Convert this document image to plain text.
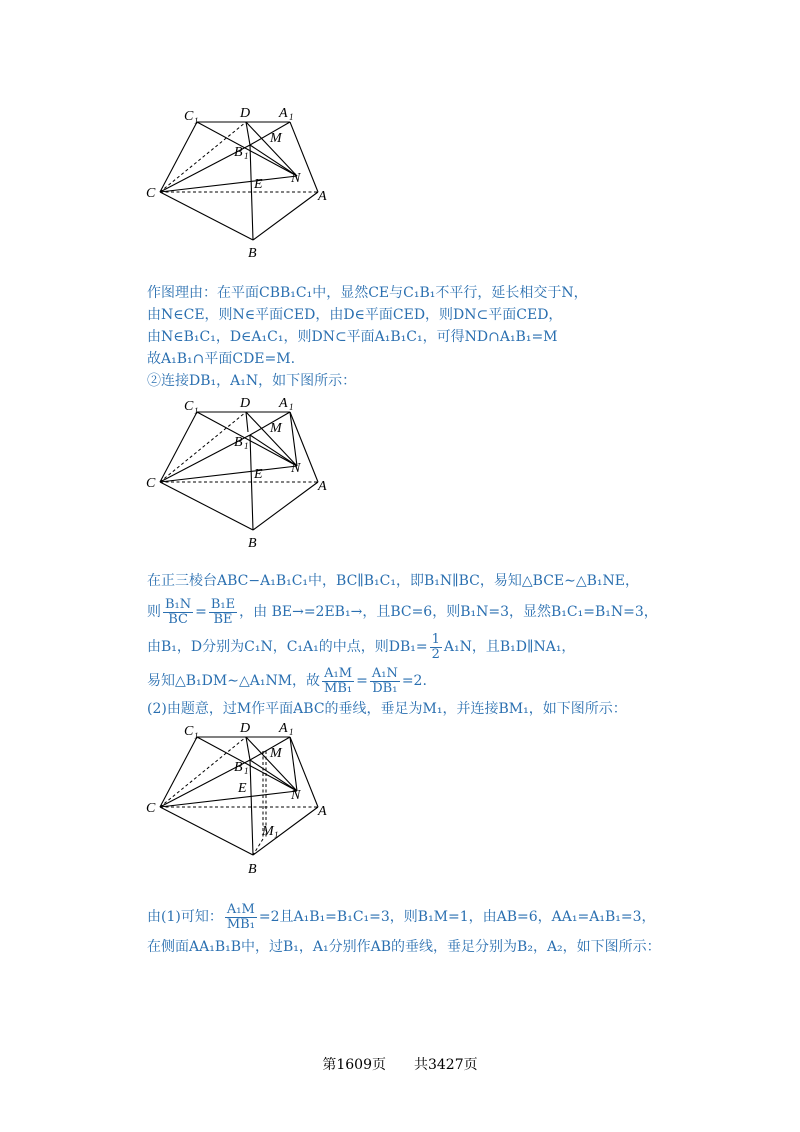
C 1	D A 1
B 1
M
N
C
E
A
B
作图理由：在平面CBB₁C₁中，显然CE与C₁B₁不平行，延长相交于N，
由N∈CE，则N∈平面CED，由D∈平面CED，则DN⊂平面CED，
由N∈B₁C₁，D∈A₁C₁，则DN⊂平面A₁B₁C₁，可得ND∩A₁B₁=M
故A₁B₁∩平面CDE=M.
②连接DB₁，A₁N，如下图所示：
C 1	D A 1
B 1
M
N
C
E
A
B
在正三棱台ABC−A₁B₁C₁中，BC∥B₁C₁，即B₁N∥BC，易知△BCE∼△B₁NE，
则 $\frac{\text{B₁N}}{BC} = \frac{\text{B₁E}}{BE}$ ，由 BE→=2EB₁→，且BC=6，则B₁N=3，显然B₁C₁=B₁N=3，
由B₁，D分别为C₁N，C₁A₁的中点，则$DB_1= \frac{1}{2} A_1N$，且B₁D∥NA₁，
易知△B₁DM∼△A₁NM，故 $\frac{\text{A₁M}}{\text{MB₁}} = \frac{\text{A₁N}}{\text{DB₁}} =2$.
(2)由题意，过M作平面ABC的垂线，垂足为M₁，并连接BM₁，如下图所示：
C 1	D A 1
B 1
M
N
C
E
A
M 1
B
由(1)可知： $\frac{\text{A₁M}}{\text{MB₁}} =2$且A₁B₁=B₁C₁=3，则B₁M=1，由AB=6，AA₁=A₁B₁=3，
在侧面AA₁B₁B中，过B₁，A₁分别作AB的垂线，垂足分别为B₂，A₂，如下图所示：
第1609页　　共3427页
